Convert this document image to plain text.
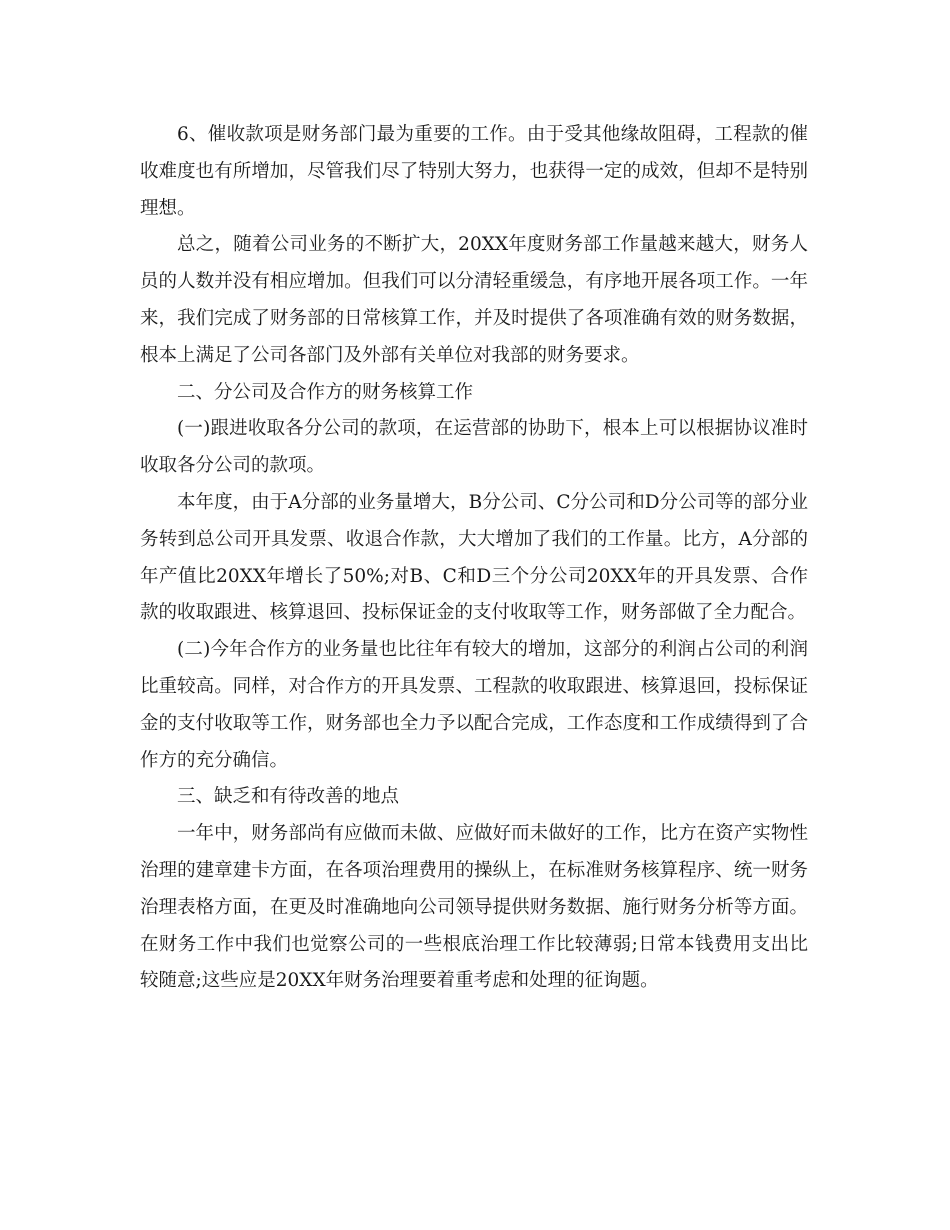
6、催收款项是财务部门最为重要的工作。由于受其他缘故阻碍，工程款的催收难度也有所增加，尽管我们尽了特别大努力，也获得一定的成效，但却不是特别理想。

总之，随着公司业务的不断扩大，20XX年度财务部工作量越来越大，财务人员的人数并没有相应增加。但我们可以分清轻重缓急，有序地开展各项工作。一年来，我们完成了财务部的日常核算工作，并及时提供了各项准确有效的财务数据，根本上满足了公司各部门及外部有关单位对我部的财务要求。

二、分公司及合作方的财务核算工作

(一)跟进收取各分公司的款项，在运营部的协助下，根本上可以根据协议准时收取各分公司的款项。

本年度，由于A分部的业务量增大，B分公司、C分公司和D分公司等的部分业务转到总公司开具发票、收退合作款，大大增加了我们的工作量。比方，A分部的年产值比20XX年增长了50%;对B、C和D三个分公司20XX年的开具发票、合作款的收取跟进、核算退回、投标保证金的支付收取等工作，财务部做了全力配合。

(二)今年合作方的业务量也比往年有较大的增加，这部分的利润占公司的利润比重较高。同样，对合作方的开具发票、工程款的收取跟进、核算退回，投标保证金的支付收取等工作，财务部也全力予以配合完成，工作态度和工作成绩得到了合作方的充分确信。

三、缺乏和有待改善的地点

一年中，财务部尚有应做而未做、应做好而未做好的工作，比方在资产实物性治理的建章建卡方面，在各项治理费用的操纵上，在标准财务核算程序、统一财务治理表格方面，在更及时准确地向公司领导提供财务数据、施行财务分析等方面。在财务工作中我们也觉察公司的一些根底治理工作比较薄弱;日常本钱费用支出比较随意;这些应是20XX年财务治理要着重考虑和处理的征询题。
